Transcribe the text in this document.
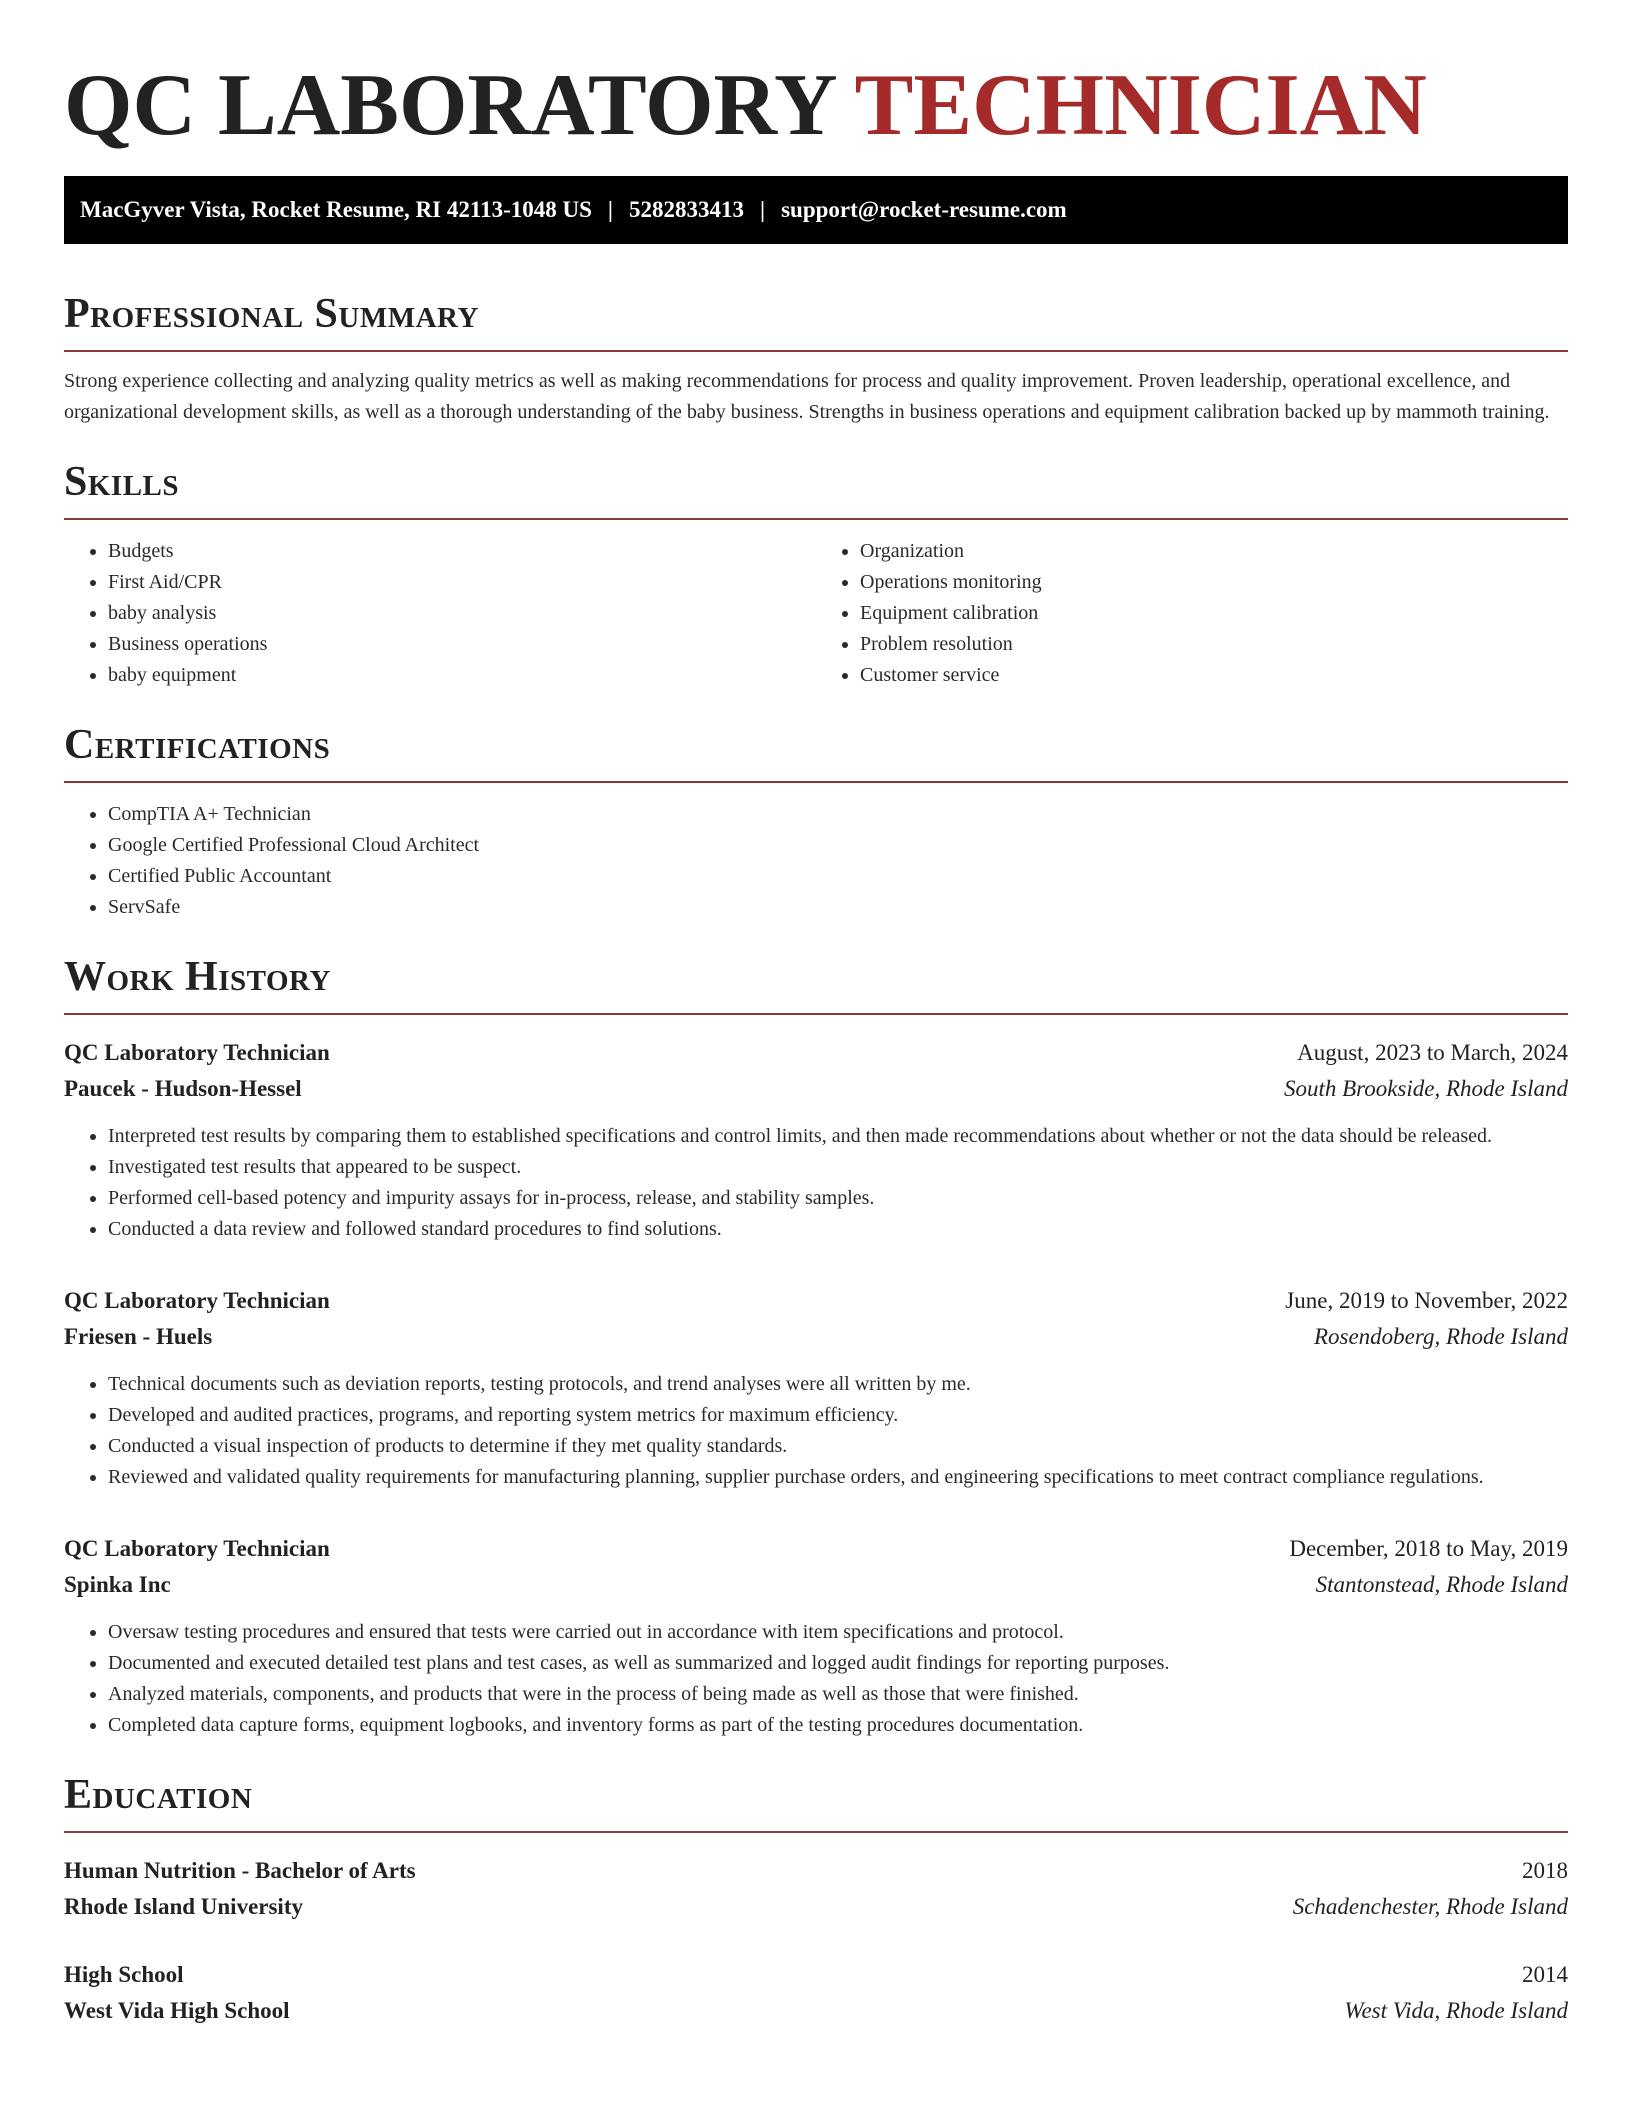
QC LABORATORY TECHNICIAN
MacGyver Vista, Rocket Resume, RI 42113-1048 US | 5282833413 | support@rocket-resume.com
Professional Summary

Strong experience collecting and analyzing quality metrics as well as making recommendations for process and quality improvement. Proven leadership, operational excellence, and organizational development skills, as well as a thorough understanding of the baby business. Strengths in business operations and equipment calibration backed up by mammoth training.

Skills
• Budgets
• First Aid/CPR
• baby analysis
• Business operations
• baby equipment
• Organization
• Operations monitoring
• Equipment calibration
• Problem resolution
• Customer service
Certifications
• CompTIA A+ Technician
• Google Certified Professional Cloud Architect
• Certified Public Accountant
• ServSafe
Work History
QC Laboratory Technician	August, 2023 to March, 2024
Paucek - Hudson-Hessel	South Brookside, Rhode Island
• Interpreted test results by comparing them to established specifications and control limits, and then made recommendations about whether or not the data should be released.
• Investigated test results that appeared to be suspect.
• Performed cell-based potency and impurity assays for in-process, release, and stability samples.
• Conducted a data review and followed standard procedures to find solutions.
QC Laboratory Technician	June, 2019 to November, 2022
Friesen - Huels	Rosendoberg, Rhode Island
• Technical documents such as deviation reports, testing protocols, and trend analyses were all written by me.
• Developed and audited practices, programs, and reporting system metrics for maximum efficiency.
• Conducted a visual inspection of products to determine if they met quality standards.
• Reviewed and validated quality requirements for manufacturing planning, supplier purchase orders, and engineering specifications to meet contract compliance regulations.
QC Laboratory Technician	December, 2018 to May, 2019
Spinka Inc	Stantonstead, Rhode Island
• Oversaw testing procedures and ensured that tests were carried out in accordance with item specifications and protocol.
• Documented and executed detailed test plans and test cases, as well as summarized and logged audit findings for reporting purposes.
• Analyzed materials, components, and products that were in the process of being made as well as those that were finished.
• Completed data capture forms, equipment logbooks, and inventory forms as part of the testing procedures documentation.
Education
Human Nutrition - Bachelor of Arts	2018
Rhode Island University	Schadenchester, Rhode Island
High School	2014
West Vida High School	West Vida, Rhode Island
